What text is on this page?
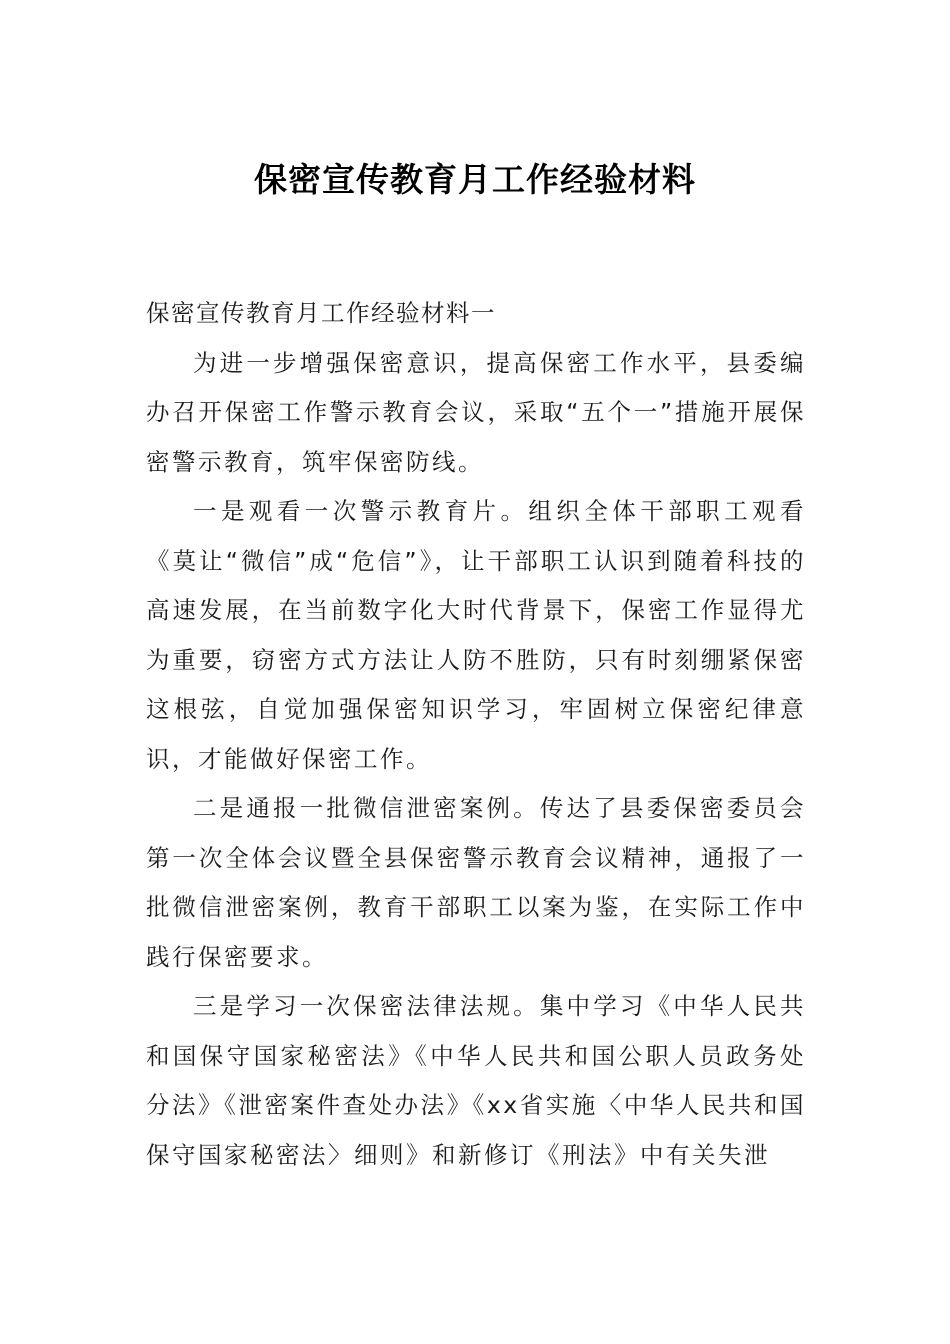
保密宣传教育月工作经验材料

保密宣传教育月工作经验材料一

为进一步增强保密意识，提高保密工作水平，县委编办召开保密工作警示教育会议，采取“五个一”措施开展保密警示教育，筑牢保密防线。

一是观看一次警示教育片。组织全体干部职工观看《莫让“微信”成“危信”》，让干部职工认识到随着科技的高速发展，在当前数字化大时代背景下，保密工作显得尤为重要，窃密方式方法让人防不胜防，只有时刻绷紧保密这根弦，自觉加强保密知识学习，牢固树立保密纪律意识，才能做好保密工作。

二是通报一批微信泄密案例。传达了县委保密委员会第一次全体会议暨全县保密警示教育会议精神，通报了一批微信泄密案例，教育干部职工以案为鉴，在实际工作中践行保密要求。

三是学习一次保密法律法规。集中学习《中华人民共和国保守国家秘密法》《中华人民共和国公职人员政务处分法》《泄密案件查处办法》《xx省实施〈中华人民共和国保守国家秘密法〉细则》和新修订《刑法》中有关失泄
